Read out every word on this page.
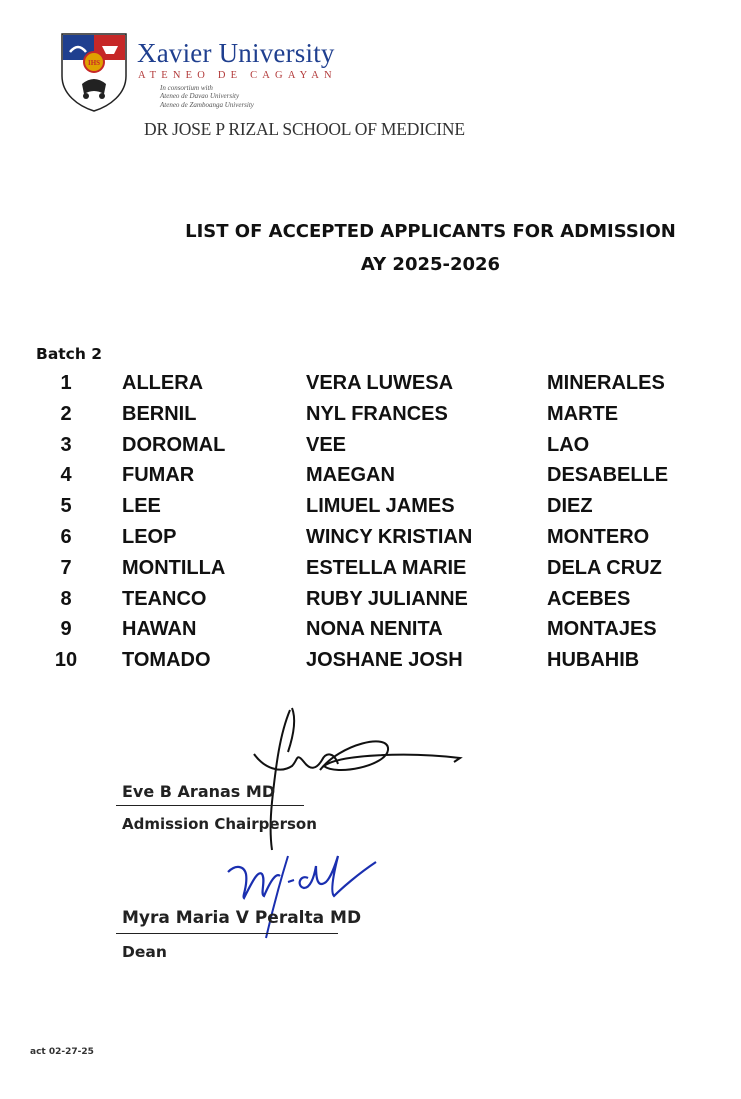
IHS Xavier University
ATENEO DE CAGAYAN
In consortium with
Ateneo de Davao University
Ateneo de Zamboanga University
DR JOSE P RIZAL SCHOOL OF MEDICINE
LIST OF ACCEPTED APPLICANTS FOR ADMISSION
AY 2025-2026
Batch 2
1	ALLERA	VERA LUWESA	MINERALES
2	BERNIL	NYL FRANCES	MARTE
3	DOROMAL	VEE	LAO
4	FUMAR	MAEGAN	DESABELLE
5	LEE	LIMUEL JAMES	DIEZ
6	LEOP	WINCY KRISTIAN	MONTERO
7	MONTILLA	ESTELLA MARIE	DELA CRUZ
8	TEANCO	RUBY JULIANNE	ACEBES
9	HAWAN	NONA NENITA	MONTAJES
10	TOMADO	JOSHANE JOSH	HUBAHIB
Eve B Aranas MD
Admission Chairperson
Myra Maria V Peralta MD
Dean
act 02-27-25
